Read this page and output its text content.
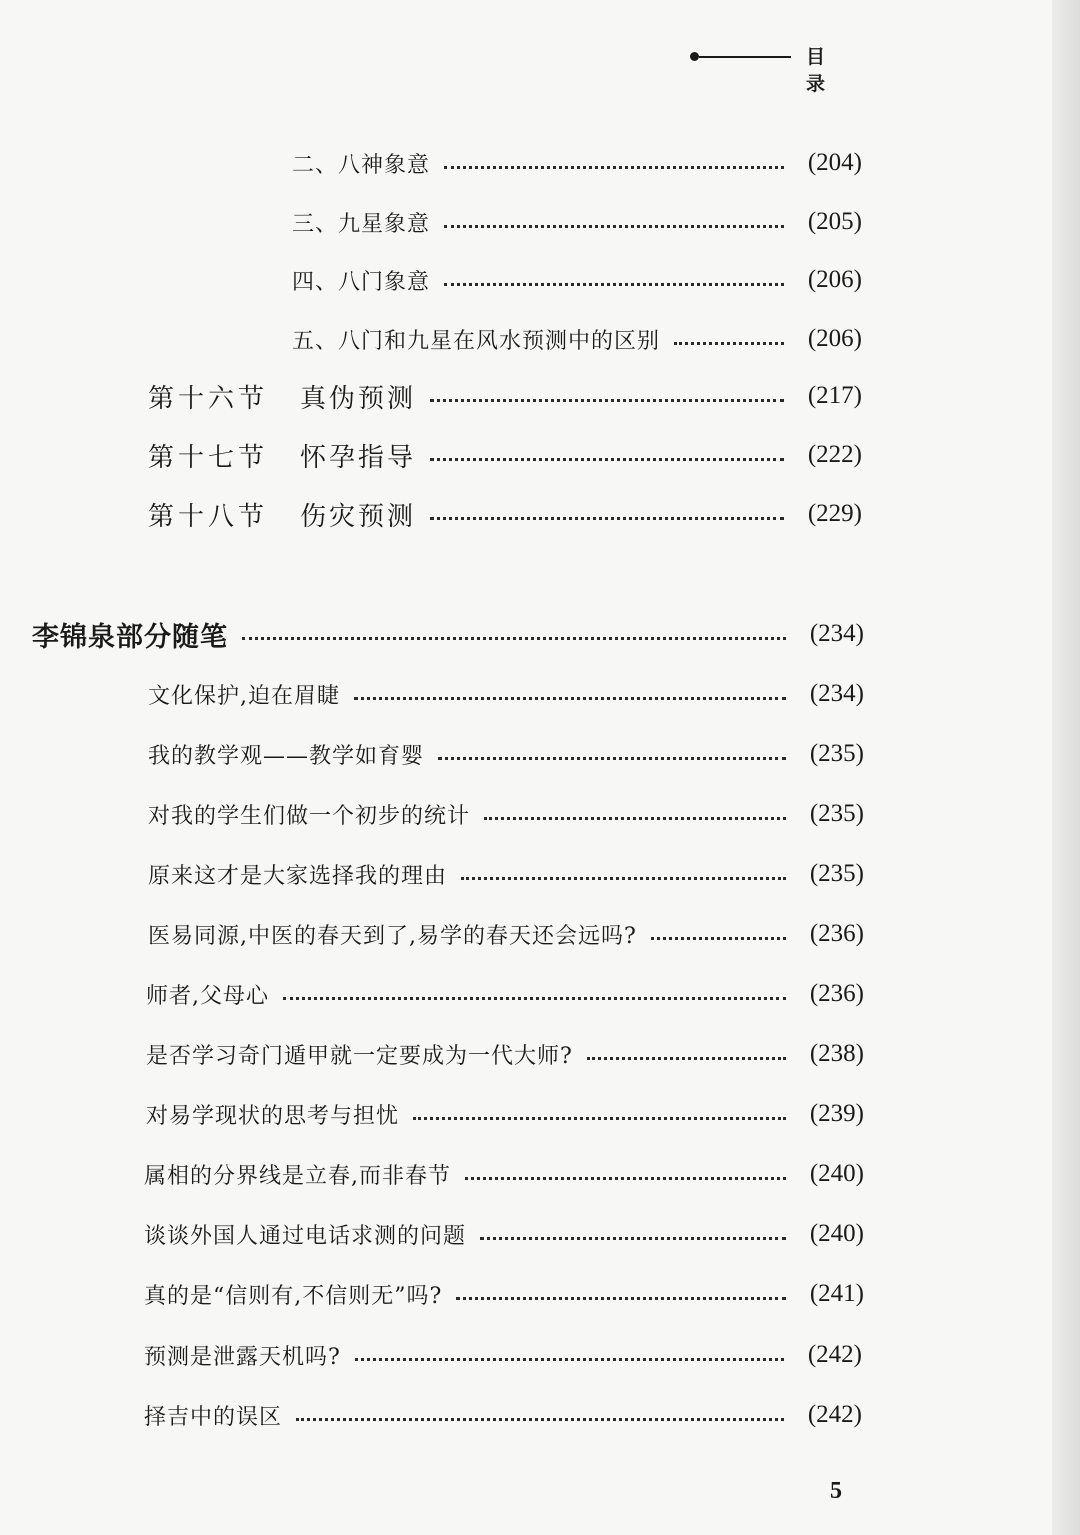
目录
二、八神象意	(204)
三、九星象意	(205)
四、八门象意	(206)
五、八门和九星在风水预测中的区别	(206)
第十六节 真伪预测	(217)
第十七节 怀孕指导	(222)
第十八节 伤灾预测	(229)
李锦泉部分随笔	(234)
文化保护,迫在眉睫	(234)
我的教学观——教学如育婴	(235)
对我的学生们做一个初步的统计	(235)
原来这才是大家选择我的理由	(235)
医易同源,中医的春天到了,易学的春天还会远吗?	(236)
师者,父母心	(236)
是否学习奇门遁甲就一定要成为一代大师?	(238)
对易学现状的思考与担忧	(239)
属相的分界线是立春,而非春节	(240)
谈谈外国人通过电话求测的问题	(240)
真的是“信则有,不信则无”吗?	(241)
预测是泄露天机吗?	(242)
择吉中的误区	(242)
5
